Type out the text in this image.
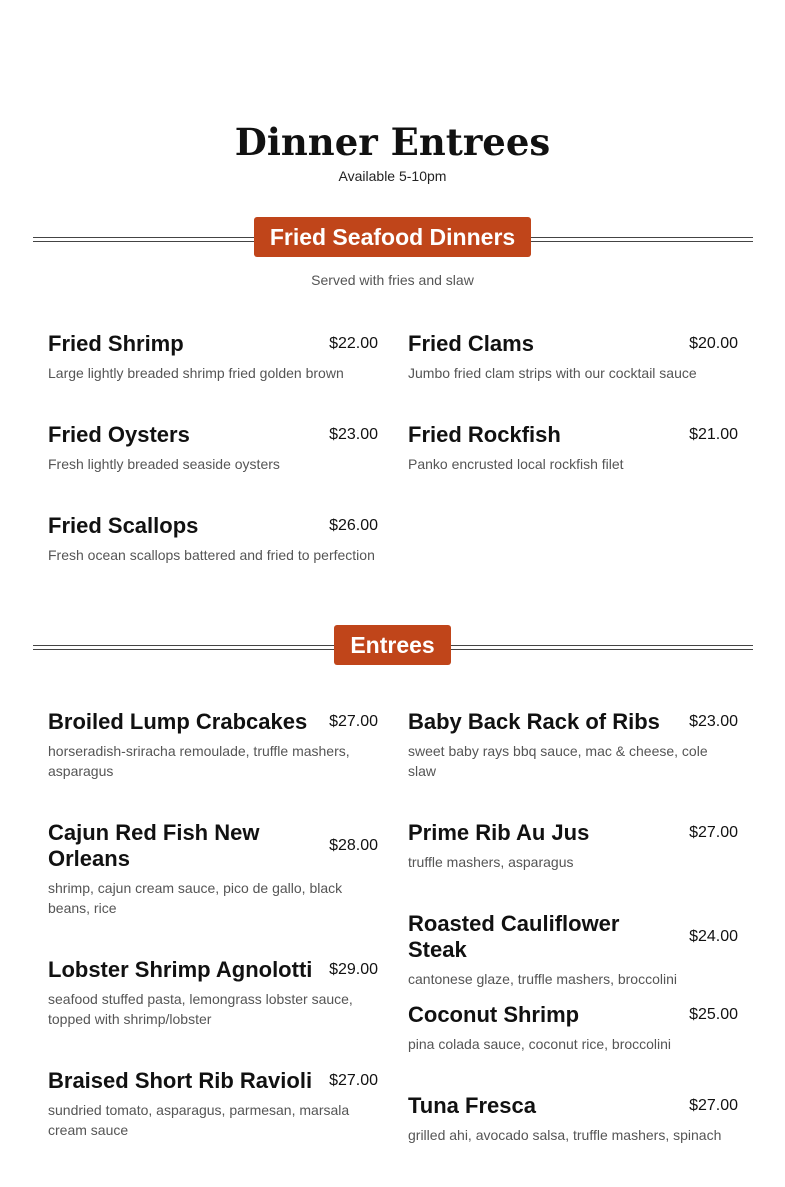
Dinner Entrees
Available 5-10pm
Fried Seafood Dinners
Served with fries and slaw
Fried Shrimp	$22.00
Large lightly breaded shrimp fried golden brown
Fried Clams	$20.00
Jumbo fried clam strips with our cocktail sauce
Fried Oysters	$23.00
Fresh lightly breaded seaside oysters
Fried Rockfish	$21.00
Panko encrusted local rockfish filet
Fried Scallops	$26.00
Fresh ocean scallops battered and fried to perfection
Entrees
Broiled Lump Crabcakes $27.00
horseradish-sriracha remoulade, truffle mashers, asparagus
Cajun Red Fish New Orleans
$28.00
shrimp, cajun cream sauce, pico de gallo, black beans, rice
Lobster Shrimp Agnolotti $29.00
seafood stuffed pasta, lemongrass lobster sauce, topped with shrimp/lobster
Braised Short Rib Ravioli $27.00
sundried tomato, asparagus, parmesan, marsala cream sauce
Baby Back Rack of Ribs $23.00
sweet baby rays bbq sauce, mac & cheese, cole slaw
Prime Rib Au Jus	$27.00
truffle mashers, asparagus
Roasted Cauliflower Steak
$24.00
cantonese glaze, truffle mashers, broccolini
Coconut Shrimp	$25.00
pina colada sauce, coconut rice, broccolini
Tuna Fresca	$27.00
grilled ahi, avocado salsa, truffle mashers, spinach
